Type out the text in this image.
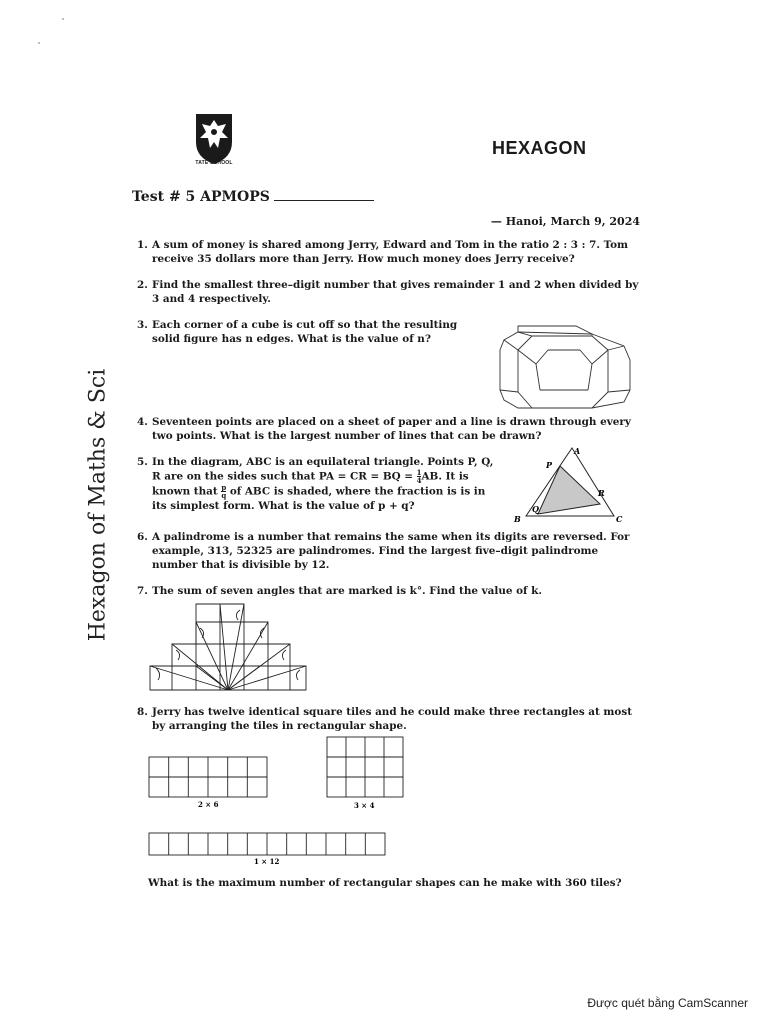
TATE SCHOOL
HEXAGON
Hexagon of Maths & Sci
Test # 5 APMOPS
— Hanoi, March 9, 2024
1. A sum of money is shared among Jerry, Edward and Tom in the ratio 2 : 3 : 7. Tom receive 35 dollars more than Jerry. How much money does Jerry receive?
2. Find the smallest three–digit number that gives remainder 1 and 2 when divided by 3 and 4 respectively.
3. Each corner of a cube is cut off so that the resulting solid figure has n edges. What is the value of n?
4. Seventeen points are placed on a sheet of paper and a line is drawn through every two points. What is the largest number of lines that can be drawn?
5. In the diagram, ABC is an equilateral triangle. Points P, Q, R are on the sides such that PA = CR = BQ = $\frac{1}{4}AB$. It is known that $\frac{p}{q}$ of ABC is shaded, where the fraction is is in its simplest form. What is the value of p + q?
A
P
R
B
Q
C
6. A palindrome is a number that remains the same when its digits are reversed. For example, 313, 52325 are palindromes. Find the largest five–digit palindrome number that is divisible by 12.
7. The sum of seven angles that are marked is k°. Find the value of k.
8. Jerry has twelve identical square tiles and he could make three rectangles at most by arranging the tiles in rectangular shape.
2 × 6	3 × 4
1 × 12
What is the maximum number of rectangular shapes can he make with 360 tiles?
Được quét bằng CamScanner
